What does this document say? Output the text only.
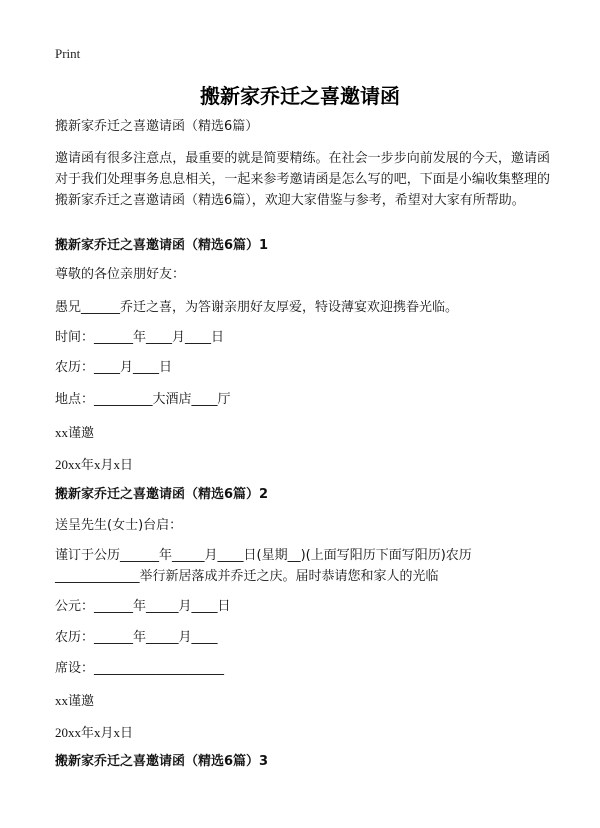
Print
搬新家乔迁之喜邀请函
搬新家乔迁之喜邀请函（精选6篇）
邀请函有很多注意点，最重要的就是简要精练。在社会一步步向前发展的今天，邀请函对于我们处理事务息息相关，一起来参考邀请函是怎么写的吧，下面是小编收集整理的搬新家乔迁之喜邀请函（精选6篇），欢迎大家借鉴与参考，希望对大家有所帮助。
搬新家乔迁之喜邀请函（精选6篇）1
尊敬的各位亲朋好友：
愚兄______乔迁之喜，为答谢亲朋好友厚爱，特设薄宴欢迎携眷光临。
时间：______年____月____日
农历：____月____日
地点：_________大酒店____厅
xx谨邀
20xx年x月x日
搬新家乔迁之喜邀请函（精选6篇）2
送呈先生(女士)台启：
谨订于公历______年_____月____日(星期__)(上面写阳历下面写阳历)农历
_____________举行新居落成并乔迁之庆。届时恭请您和家人的光临
公元：______年_____月____日
农历：______年_____月____
席设：____________________
xx谨邀
20xx年x月x日
搬新家乔迁之喜邀请函（精选6篇）3
